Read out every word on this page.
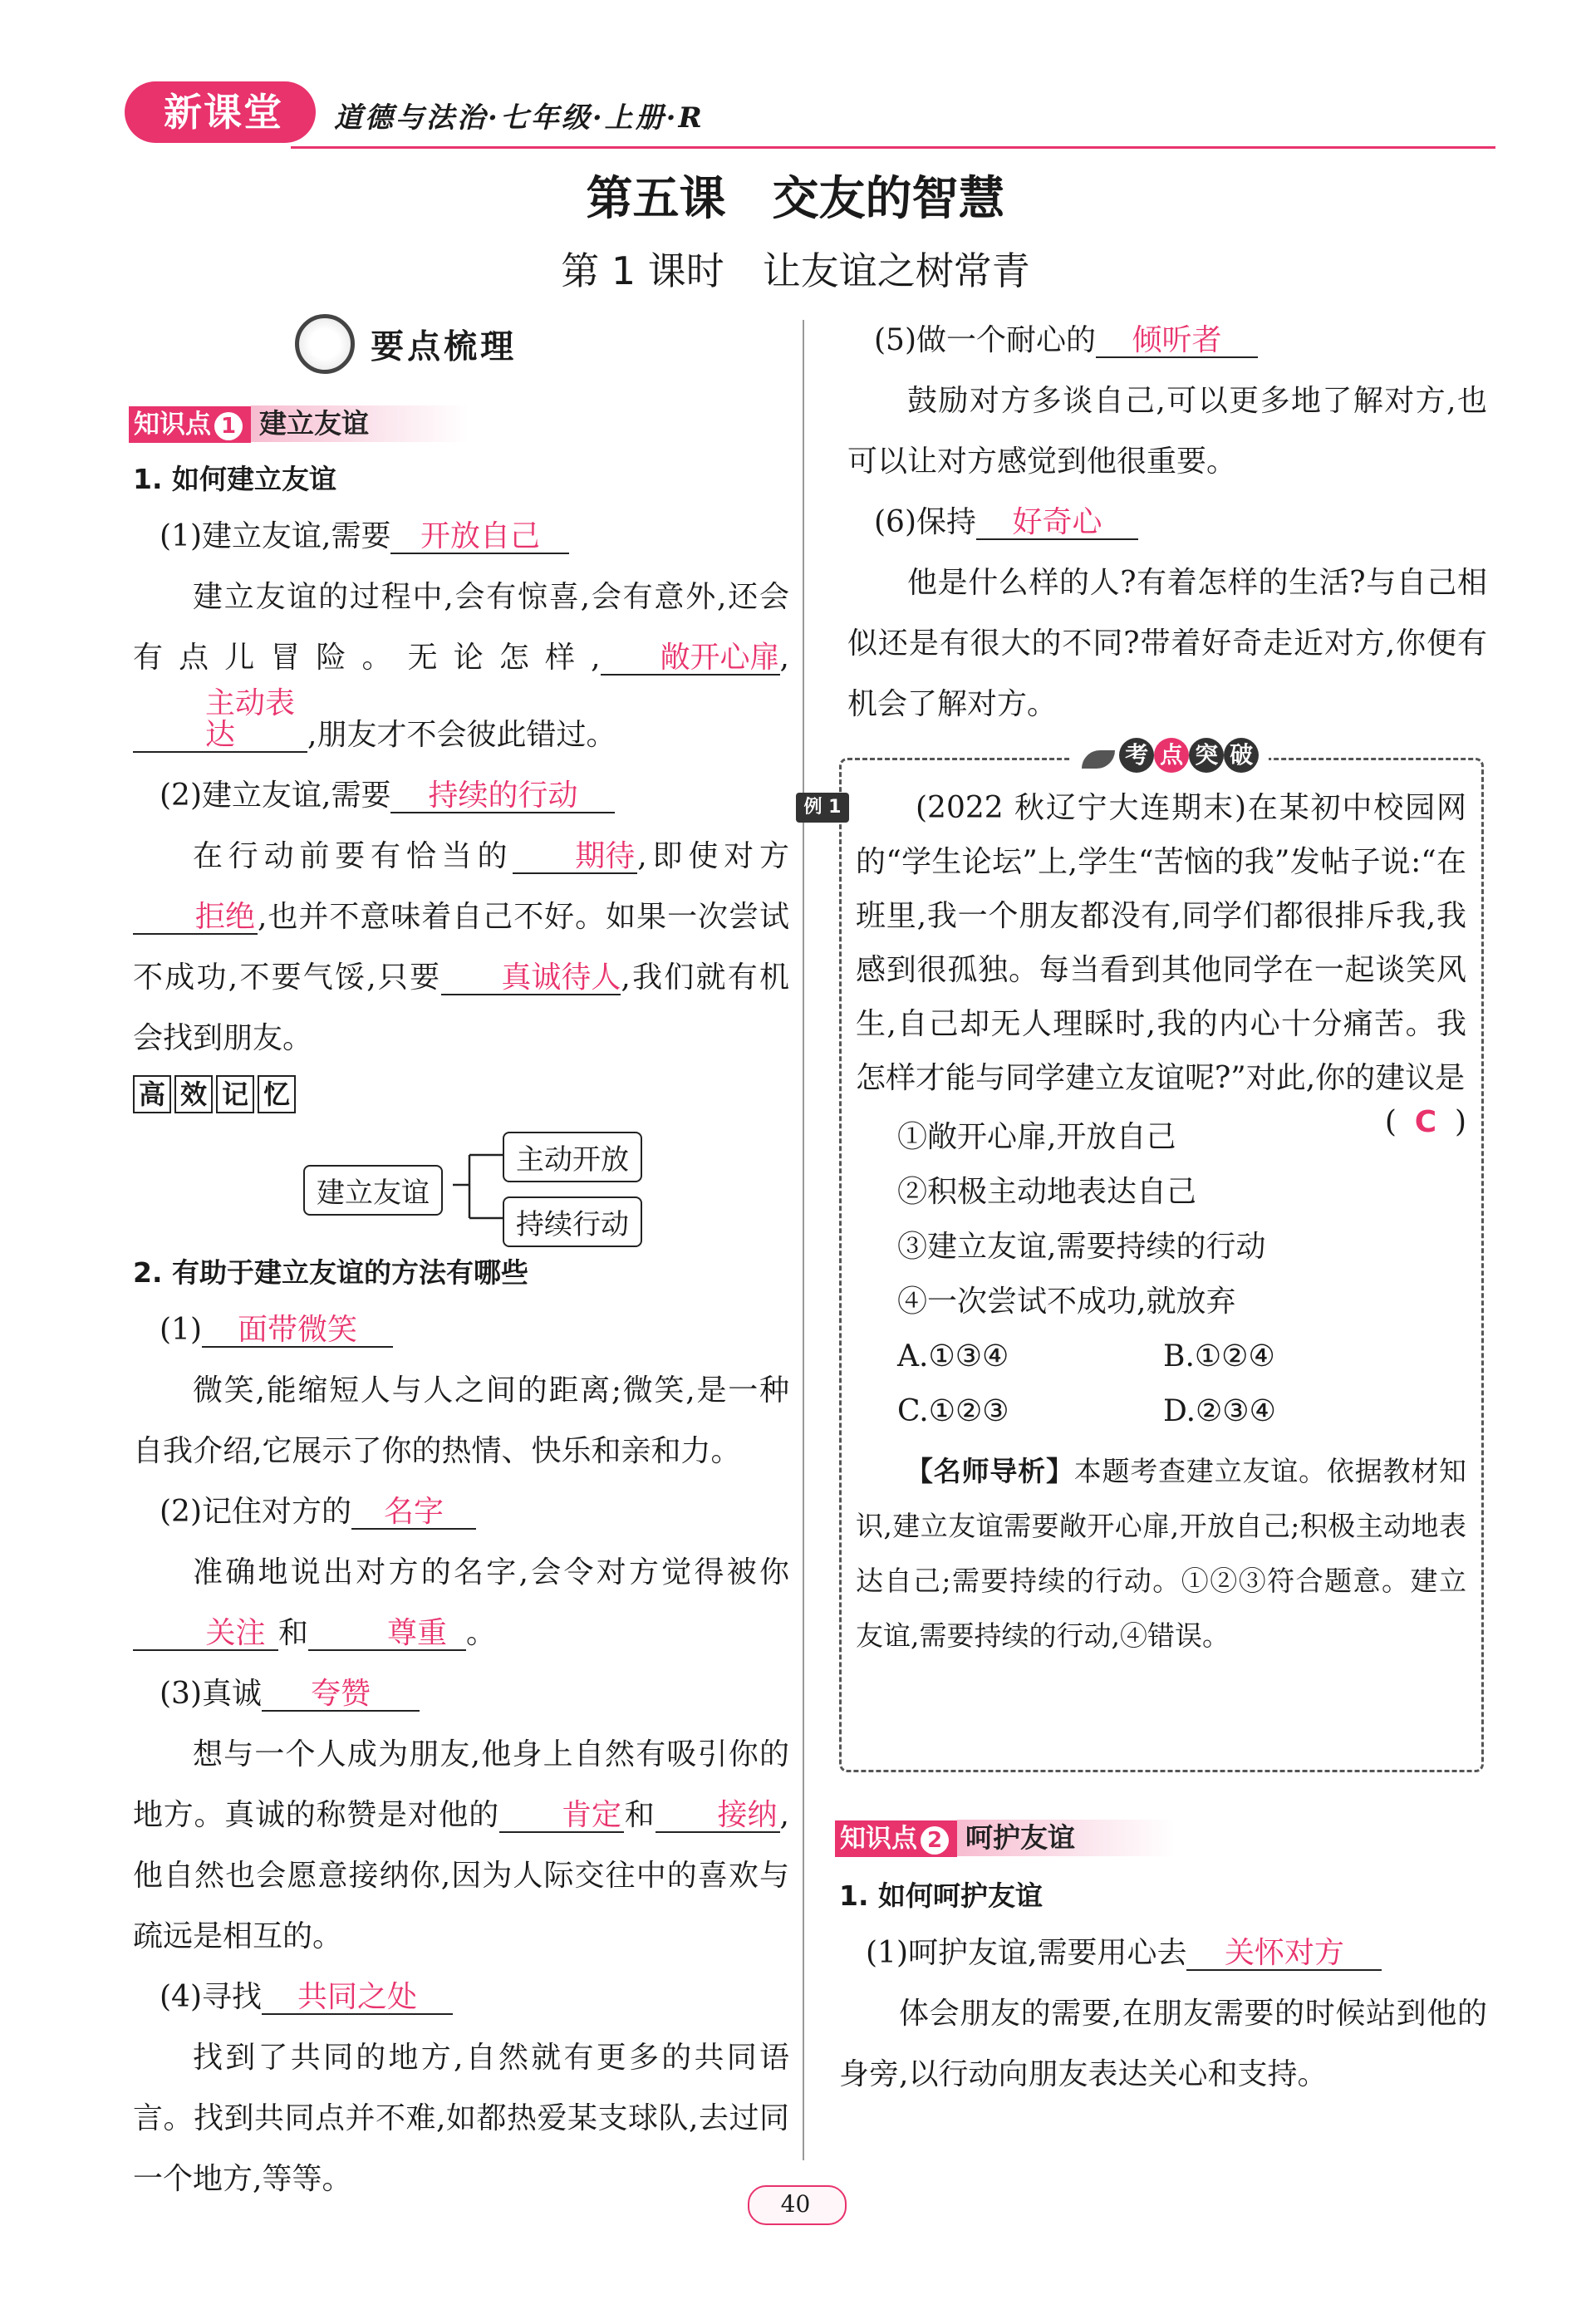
新课堂	道德与法治·七年级·上册·R
第五课　交友的智慧
第 1 课时　让友谊之树常青
要点梳理
知识点 1 建立友谊
1. 如何建立友谊

(1)建立友谊,需要 开放自己

建立友谊的过程中,会有惊喜,会有意外,还会有点儿冒险。无论怎样, 敞开心扉,主动表达 ,朋友才不会彼此错过。

(2)建立友谊,需要 持续的行动

在行动前要有恰当的 期待,即使对方拒绝,也并不意味着自己不好。如果一次尝试不成功,不要气馁,只要 真诚待人,我们就有机会找到朋友。

高 效 记 忆
建立友谊
主动开放
持续行动
2. 有助于建立友谊的方法有哪些

(1) 面带微笑

微笑,能缩短人与人之间的距离;微笑,是一种自我介绍,它展示了你的热情、快乐和亲和力。

(2)记住对方的 名字

准确地说出对方的名字,会令对方觉得被你关注 和	尊重 。

(3)真诚 夸赞

想与一个人成为朋友,他身上自然有吸引你的地方。真诚的称赞是对他的 肯定和 接纳,他自然也会愿意接纳你,因为人际交往中的喜欢与疏远是相互的。

(4)寻找 共同之处

找到了共同的地方,自然就有更多的共同语言。找到共同点并不难,如都热爱某支球队,去过同一个地方,等等。

(5)做一个耐心的 倾听者

鼓励对方多谈自己,可以更多地了解对方,也可以让对方感觉到他很重要。

(6)保持 好奇心

他是什么样的人?有着怎样的生活?与自己相似还是有很大的不同?带着好奇走近对方,你便有机会了解对方。

考 点 突 破

例 1 (2022 秋辽宁大连期末)在某初中校园网的“学生论坛”上,学生“苦恼的我”发帖子说:“在班里,我一个朋友都没有,同学们都很排斥我,我感到很孤独。每当看到其他同学在一起谈笑风生,自己却无人理睬时,我的内心十分痛苦。我怎样才能与同学建立友谊呢?”对此,你的建议是

( C )
①敞开心扉,开放自己
②积极主动地表达自己
③建立友谊,需要持续的行动
④一次尝试不成功,就放弃
A.①③④	B.①②④
C.①②③	D.②③④

【名师导析】本题考查建立友谊。依据教材知识,建立友谊需要敞开心扉,开放自己;积极主动地表达自己;需要持续的行动。①②③符合题意。建立友谊,需要持续的行动,④错误。

知识点 2 呵护友谊
1. 如何呵护友谊

(1)呵护友谊,需要用心去 关怀对方

体会朋友的需要,在朋友需要的时候站到他的身旁,以行动向朋友表达关心和支持。

40
